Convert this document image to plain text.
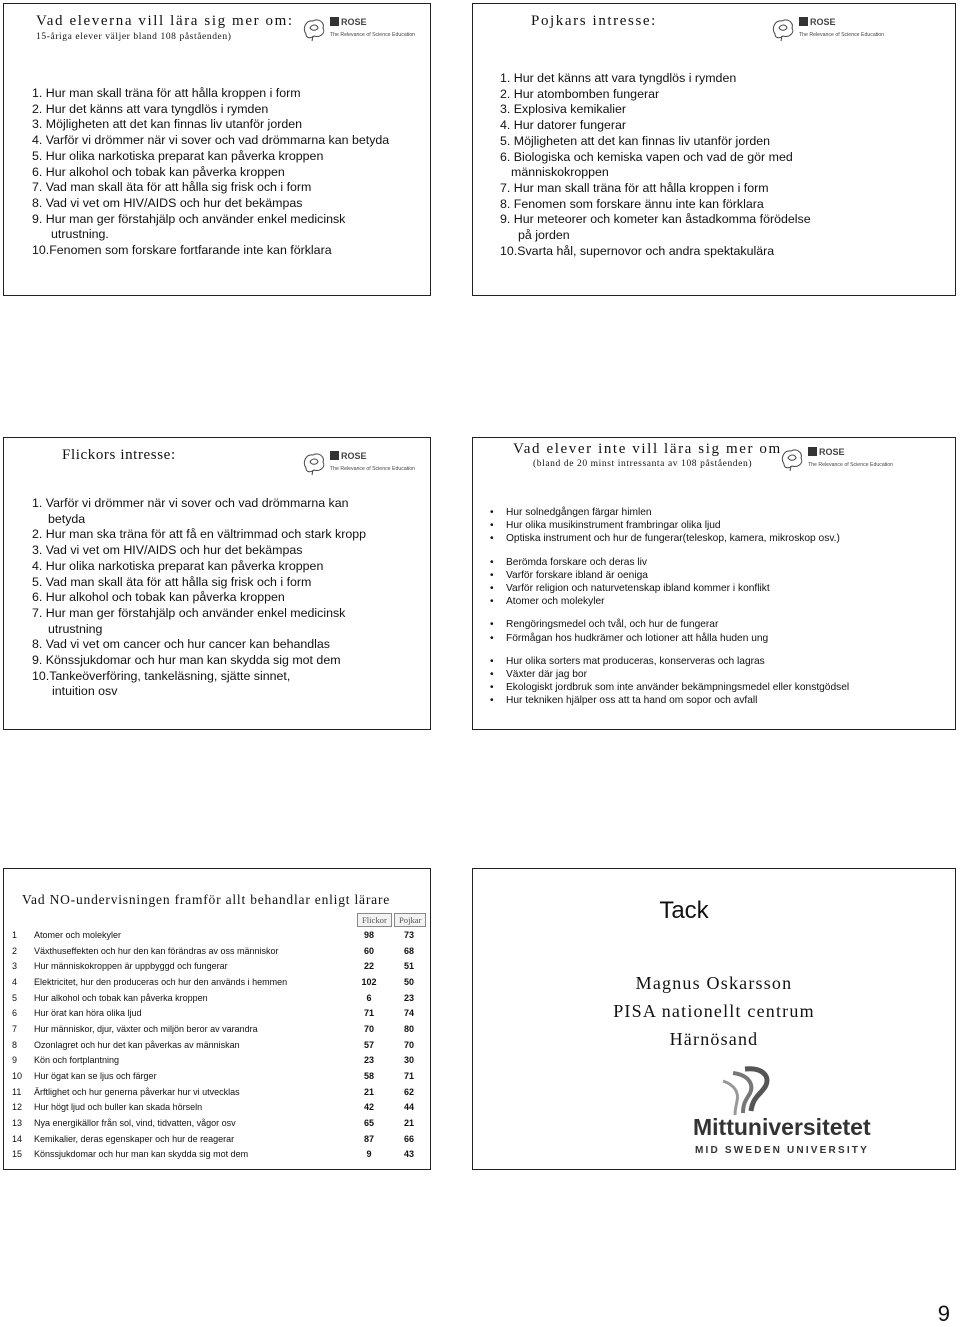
Vad eleverna vill lära sig mer om:
15-åriga elever väljer bland 108 påståenden)
ROSE
The Relevance of Science Education
1. Hur man skall träna för att hålla kroppen i form
2. Hur det känns att vara tyngdlös i rymden
3. Möjligheten att det kan finnas liv utanför jorden
4. Varför vi drömmer när vi sover och vad drömmarna kan betyda
5. Hur olika narkotiska preparat kan påverka kroppen
6. Hur alkohol och tobak kan påverka kroppen
7. Vad man skall äta för att hålla sig frisk och i form
8. Vad vi vet om HIV/AIDS och hur det bekämpas
9. Hur man ger förstahjälp och använder enkel medicinsk
utrustning.
10.Fenomen som forskare fortfarande inte kan förklara
Pojkars intresse:	ROSE
The Relevance of Science Education
1. Hur det känns att vara tyngdlös i rymden
2. Hur atombomben fungerar
3. Explosiva kemikalier
4. Hur datorer fungerar
5. Möjligheten att det kan finnas liv utanför jorden
6. Biologiska och kemiska vapen och vad de gör med
människokroppen
7. Hur man skall träna för att hålla kroppen i form
8. Fenomen som forskare ännu inte kan förklara
9. Hur meteorer och kometer kan åstadkomma förödelse
på jorden
10.Svarta hål, supernovor och andra spektakulära
Flickors intresse:	ROSE
The Relevance of Science Education
1. Varför vi drömmer när vi sover och vad drömmarna kan
betyda
2. Hur man ska träna för att få en vältrimmad och stark kropp
3. Vad vi vet om HIV/AIDS och hur det bekämpas
4. Hur olika narkotiska preparat kan påverka kroppen
5. Vad man skall äta för att hålla sig frisk och i form
6. Hur alkohol och tobak kan påverka kroppen
7. Hur man ger förstahjälp och använder enkel medicinsk
utrustning
8. Vad vi vet om cancer och hur cancer kan behandlas
9. Könssjukdomar och hur man kan skydda sig mot dem
10.Tankeöverföring, tankeläsning, sjätte sinnet,
intuition osv
Vad elever inte vill lära sig mer om
(bland de 20 minst intressanta av 108 påståenden)
ROSE
The Relevance of Science Education
• Hur solnedgången färgar himlen
• Hur olika musikinstrument frambringar olika ljud
• Optiska instrument och hur de fungerar(teleskop, kamera, mikroskop osv.)
• Berömda forskare och deras liv
• Varför forskare ibland är oeniga
• Varför religion och naturvetenskap ibland kommer i konflikt
• Atomer och molekyler
• Rengöringsmedel och tvål, och hur de fungerar
• Förmågan hos hudkrämer och lotioner att hålla huden ung
• Hur olika sorters mat produceras, konserveras och lagras
• Växter där jag bor
• Ekologiskt jordbruk som inte använder bekämpningsmedel eller konstgödsel
• Hur tekniken hjälper oss att ta hand om sopor och avfall
Vad NO-undervisningen framför allt behandlar enligt lärare
Flickor	Pojkar
1	Atomer och molekyler	98	73
2	Växthuseffekten och hur den kan förändras av oss människor	60	68
3	Hur människokroppen är uppbyggd och fungerar	22	51
4	Elektricitet, hur den produceras och hur den används i hemmen	102	50
5	Hur alkohol och tobak kan påverka kroppen	6	23
6	Hur örat kan höra olika ljud	71	74
7	Hur människor, djur, växter och miljön beror av varandra	70	80
8	Ozonlagret och hur det kan påverkas av människan	57	70
9	Kön och fortplantning	23	30
10	Hur ögat kan se ljus och färger	58	71
11	Ärftlighet och hur generna påverkar hur vi utvecklas	21	62
12	Hur högt ljud och buller kan skada hörseln	42	44
13	Nya energikällor från sol, vind, tidvatten, vågor osv	65	21
14	Kemikalier, deras egenskaper och hur de reagerar	87	66
15	Könssjukdomar och hur man kan skydda sig mot dem	9	43
Tack
Magnus Oskarsson
PISA nationellt centrum
Härnösand
Mittuniversitetet
MID SWEDEN UNIVERSITY
9
